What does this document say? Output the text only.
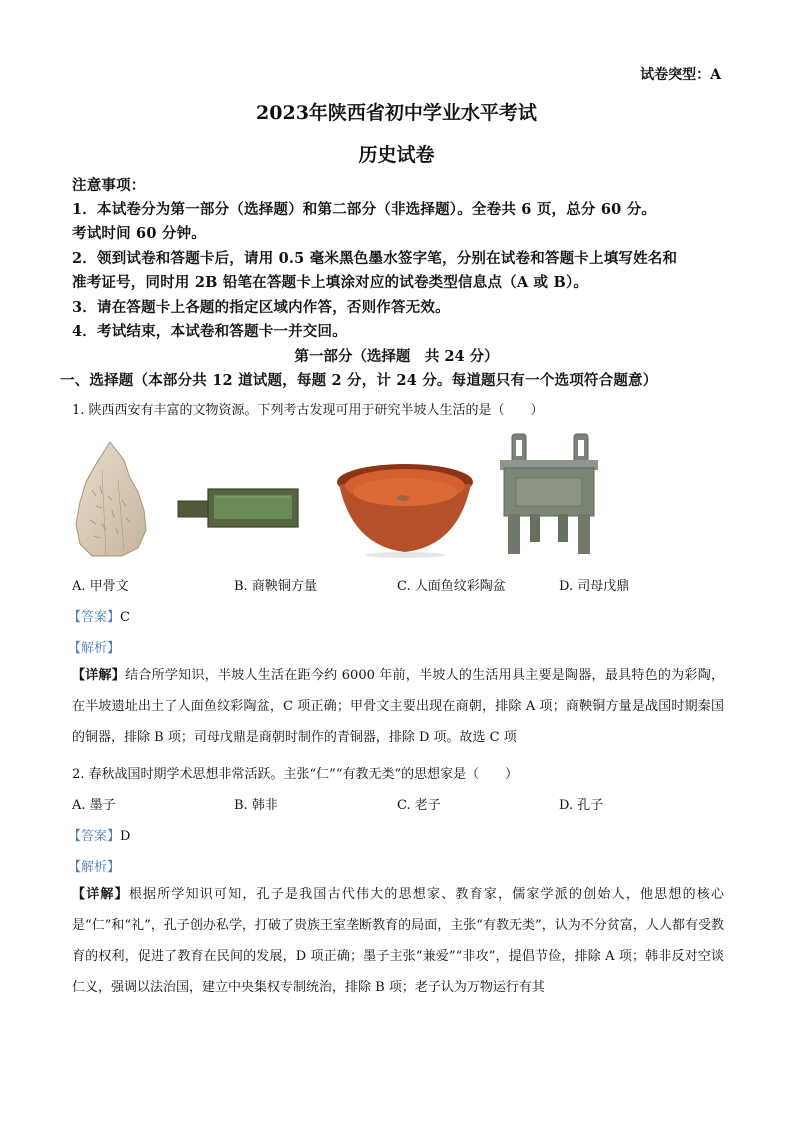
试卷突型：A
2023年陕西省初中学业水平考试
历史试卷
注意事项：
1．本试卷分为第一部分（选择题）和第二部分（非选择题）。全卷共 6 页，总分 60 分。
考试时间 60 分钟。
2．领到试卷和答题卡后，请用 0.5 毫米黑色墨水签字笔，分别在试卷和答题卡上填写姓名和
准考证号，同时用 2B 铅笔在答题卡上填涂对应的试卷类型信息点（A 或 B）。
3．请在答题卡上各题的指定区域内作答，否则作答无效。
4．考试结束，本试卷和答题卡一并交回。
第一部分（选择题　共 24 分）
一、选择题（本部分共 12 道试题，每题 2 分，计 24 分。每道题只有一个选项符合题意）
1. 陕西西安有丰富的文物资源。下列考古发现可用于研究半坡人生活的是（　　）
A. 甲骨文	B. 商鞅铜方量	C. 人面鱼纹彩陶盆	D. 司母戊鼎
【答案】C
【解析】
【详解】结合所学知识，半坡人生活在距今约 6000 年前，半坡人的生活用具主要是陶器，最具特色的为彩陶，在半坡遗址出土了人面鱼纹彩陶盆，C 项正确；甲骨文主要出现在商朝，排除 A 项；商鞅铜方量是战国时期秦国的铜器，排除 B 项；司母戊鼎是商朝时制作的青铜器，排除 D 项。故选 C 项
2. 春秋战国时期学术思想非常活跃。主张“仁”“有教无类”的思想家是（　　）
A. 墨子	B. 韩非	C. 老子	D. 孔子
【答案】D
【解析】
【详解】根据所学知识可知，孔子是我国古代伟大的思想家、教育家，儒家学派的创始人，他思想的核心是“仁”和“礼”，孔子创办私学，打破了贵族王室垄断教育的局面，主张“有教无类”，认为不分贫富，人人都有受教育的权利，促进了教育在民间的发展，D 项正确；墨子主张“兼爱”“非攻”，提倡节俭，排除 A 项；韩非反对空谈仁义，强调以法治国，建立中央集权专制统治，排除 B 项；老子认为万物运行有其
